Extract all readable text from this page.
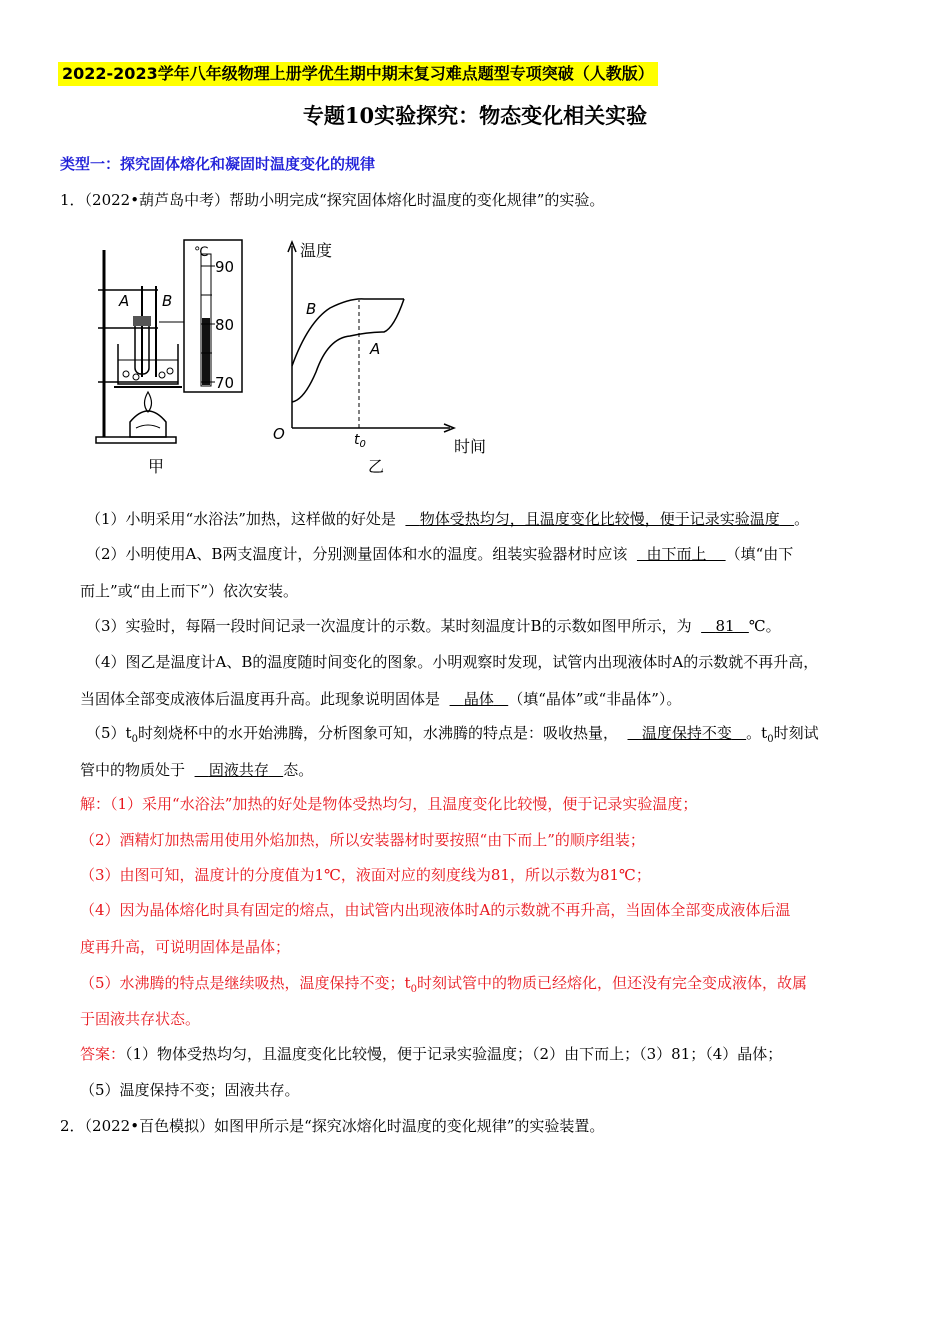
2022-2023学年八年级物理上册学优生期中期末复习难点题型专项突破（人教版）
专题10实验探究：物态变化相关实验
类型一：探究固体熔化和凝固时温度变化的规律
1．（2022•葫芦岛中考）帮助小明完成“探究固体熔化时温度的变化规律”的实验。
A B
℃
90
80
70
甲
温度
时间
O	$t_0$
B
A
乙
（1）小明采用“水浴法”加热，这样做的好处是 物体受热均匀，且温度变化比较慢，便于记录实验温度 。
（2）小明使用A、B两支温度计，分别测量固体和水的温度。组装实验器材时应该 由下而上 （填“由下
而上”或“由上而下”）依次安装。
（3）实验时，每隔一段时间记录一次温度计的示数。某时刻温度计B的示数如图甲所示，为 81 ℃。
（4）图乙是温度计A、B的温度随时间变化的图象。小明观察时发现，试管内出现液体时A的示数就不再升高，
当固体全部变成液体后温度再升高。此现象说明固体是 晶体 （填“晶体”或“非晶体”）。
$(5)t_0$时刻烧杯中的水开始沸腾，分析图象可知，水沸腾的特点是：吸收热量， 温度保持不变 。$t_0$时刻试
管中的物质处于 固液共存 态。
解：（1）采用“水浴法”加热的好处是物体受热均匀，且温度变化比较慢，便于记录实验温度；
（2）酒精灯加热需用使用外焰加热，所以安装器材时要按照“由下而上”的顺序组装；
（3）由图可知，温度计的分度值为1℃，液面对应的刻度线为81，所以示数为81℃；
（4）因为晶体熔化时具有固定的熔点，由试管内出现液体时A的示数就不再升高，当固体全部变成液体后温
度再升高，可说明固体是晶体；
（5）水沸腾的特点是继续吸热，温度保持不变；$t_0$时刻试管中的物质已经熔化，但还没有完全变成液体，故属
于固液共存状态。
答案：（1）物体受热均匀，且温度变化比较慢，便于记录实验温度；（2）由下而上；（3）81；（4）晶体；
（5）温度保持不变；固液共存。
2．（2022•百色模拟）如图甲所示是“探究冰熔化时温度的变化规律”的实验装置。
